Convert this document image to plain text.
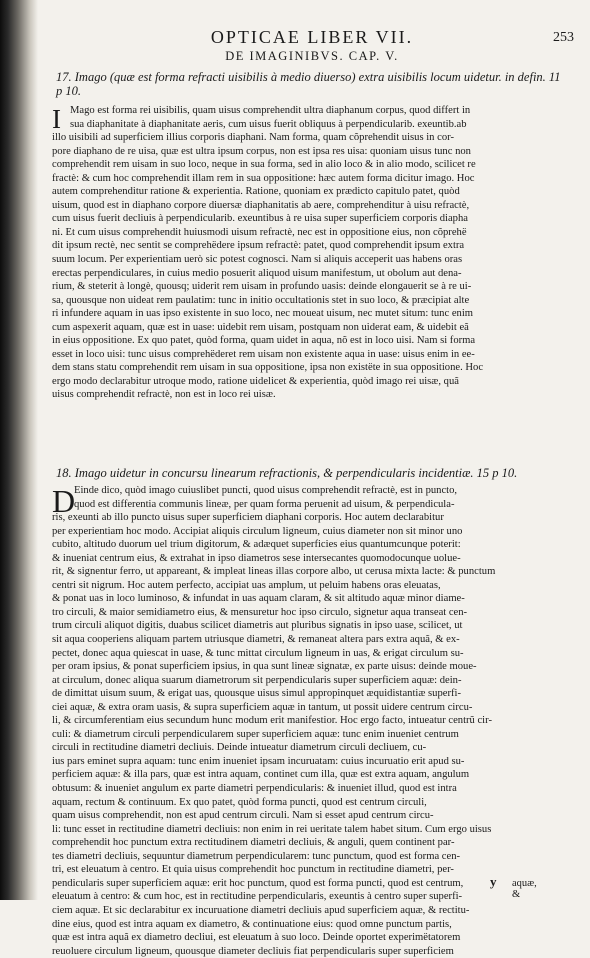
OPTICAE LIBER VII.	253
DE IMAGINIBVS. CAP. V.
17. Imago (quæ est forma refracti uisibilis à medio diuerso) extra uisibilis locum uidetur. in defin. 11 p 10.
I Mago est forma rei uisibilis, quam uisus comprehendit ultra diaphanum corpus, quod differt in
sua diaphanitate à diaphanitate aeris, cum uisus fuerit obliquus à perpendicularib. exeuntib.ab
illo uisibili ad superficiem illius corporis diaphani. Nam forma, quam cõprehendit uisus in cor-
pore diaphano de re uisa, quæ est ultra ipsum corpus, non est ipsa res uisa: quoniam uisus tunc non
comprehendit rem uisam in suo loco, neque in sua forma, sed in alio loco & in alio modo, scilicet re
fractè: & cum hoc comprehendit illam rem in sua oppositione: hæc autem forma dicitur imago. Hoc
autem comprehenditur ratione & experientia. Ratione, quoniam ex prædicto capitulo patet, quòd
uisum, quod est in diaphano corpore diuersæ diaphanitatis ab aere, comprehenditur à uisu refractè,
cum uisus fuerit decliuis à perpendicularib. exeuntibus à re uisa super superficiem corporis diapha
ni. Et cum uisus comprehendit huiusmodi uisum refractè, nec est in oppositione eius, non cõprehë
dit ipsum rectè, nec sentit se comprehëdere ipsum refractè: patet, quod comprehendit ipsum extra
suum locum. Per experientiam uerò sic potest cognosci. Nam si aliquis acceperit uas habens oras
erectas perpendiculares, in cuius medio posuerit aliquod uisum manifestum, ut obolum aut dena-
rium, & steterit à longè, quousq; uiderit rem uisam in profundo uasis: deinde elongauerit se à re ui-
sa, quousque non uideat rem paulatim: tunc in initio occultationis stet in suo loco, & præcipiat alte
ri infundere aquam in uas ipso existente in suo loco, nec moueat uisum, nec mutet situm: tunc enim
cum aspexerit aquam, quæ est in uase: uidebit rem uisam, postquam non uiderat eam, & uidebit eã
in eius oppositione. Ex quo patet, quòd forma, quam uidet in aqua, nõ est in loco uisi. Nam si forma
esset in loco uisi: tunc uisus comprehëderet rem uisam non existente aqua in uase: uisus enim in ee-
dem stans statu comprehendit rem uisam in sua oppositione, ipsa non existëte in sua oppositione. Hoc
ergo modo declarabitur utroque modo, ratione uidelicet & experientia, quòd imago rei uisæ, quã
uisus comprehendit refractè, non est in loco rei uisæ.
18. Imago uidetur in concursu linearum refractionis, & perpendicularis incidentiæ. 15 p 10.
D
Einde dico, quòd imago cuiuslibet puncti, quod uisus comprehendit refractè, est in puncto,
quod est differentia communis lineæ, per quam forma peruenit ad uisum, & perpendicula-
ris, exeunti ab illo puncto uisus super superficiem diaphani corporis. Hoc autem declarabitur
per experientiam hoc modo. Accipiat aliquis circulum ligneum, cuius diameter non sit minor uno
cubito, altitudo duorum uel trium digitorum, & adæquet superficies eius quantumcunque poterit:
& inueniat centrum eius, & extrahat in ipso diametros sese intersecantes quomodocunque uolue-
rit, & signentur ferro, ut appareant, & impleat lineas illas corpore albo, ut cerusa mixta lacte: & punctum
centri sit nigrum. Hoc autem perfecto, accipiat uas amplum, ut peluim habens oras eleuatas,
& ponat uas in loco luminoso, & infundat in uas aquam claram, & sit altitudo aquæ minor diame-
tro circuli, & maior semidiametro eius, & mensuretur hoc ipso circulo, signetur aqua transeat cen-
trum circuli aliquot digitis, duabus scilicet diametris aut pluribus signatis in ipso uase, scilicet, ut
sit aqua cooperiens aliquam partem utriusque diametri, & remaneat altera pars extra aquã, & ex-
pectet, donec aqua quiescat in uase, & tunc mittat circulum ligneum in uas, & erigat circulum su-
per oram ipsius, & ponat superficiem ipsius, in qua sunt lineæ signatæ, ex parte uisus: deinde moue-
at circulum, donec aliqua suarum diametrorum sit perpendicularis super superficiem aquæ: dein-
de dimittat uisum suum, & erigat uas, quousque uisus simul appropinquet æquidistantiæ superfi-
ciei aquæ, & extra oram uasis, & supra superficiem aquæ in tantum, ut possit uidere centrum circu-
li, & circumferentiam eius secundum hunc modum erit manifestior. Hoc ergo facto, intueatur centrũ cir-
culi: & diametrum circuli perpendicularem super superficiem aquæ: tunc enim inueniet centrum
circuli in rectitudine diametri decliuis. Deinde intueatur diametrum circuli decliuem, cu-
ius pars eminet supra aquam: tunc enim inueniet ipsam incuruatam: cuius incuruatio erit apud su-
perficiem aquæ: & illa pars, quæ est intra aquam, continet cum illa, quæ est extra aquam, angulum
obtusum: & inueniet angulum ex parte diametri perpendicularis: & inueniet illud, quod est intra
aquam, rectum & continuum. Ex quo patet, quòd forma puncti, quod est centrum circuli,
quam uisus comprehendit, non est apud centrum circuli. Nam si esset apud centrum circu-
li: tunc esset in rectitudine diametri decliuis: non enim in rei ueritate talem habet situm. Cum ergo uisus
comprehendit hoc punctum extra rectitudinem diametri decliuis, & anguli, quem continent par-
tes diametri decliuis, sequuntur diametrum perpendicularem: tunc punctum, quod est forma cen-
tri, est eleuatum à centro. Et quia uisus comprehendit hoc punctum in rectitudine diametri, per-
pendicularis super superficiem aquæ: erit hoc punctum, quod est forma puncti, quod est centrum,
eleuatum à centro: & cum hoc, est in rectitudine perpendicularis, exeuntis à centro super superfi-
ciem aquæ. Et sic declarabitur ex incuruatione diametri decliuis apud superficiem aquæ, & rectitu-
dine eius, quod est intra aquam ex diametro, & continuatione eius: quod omne punctum partis,
quæ est intra aquã ex diametro decliui, est eleuatum à suo loco. Deinde oportet experimëtatorem
reuoluere circulum ligneum, quousque diameter decliuis fiat perpendicularis super superficiem
y aquæ, &
